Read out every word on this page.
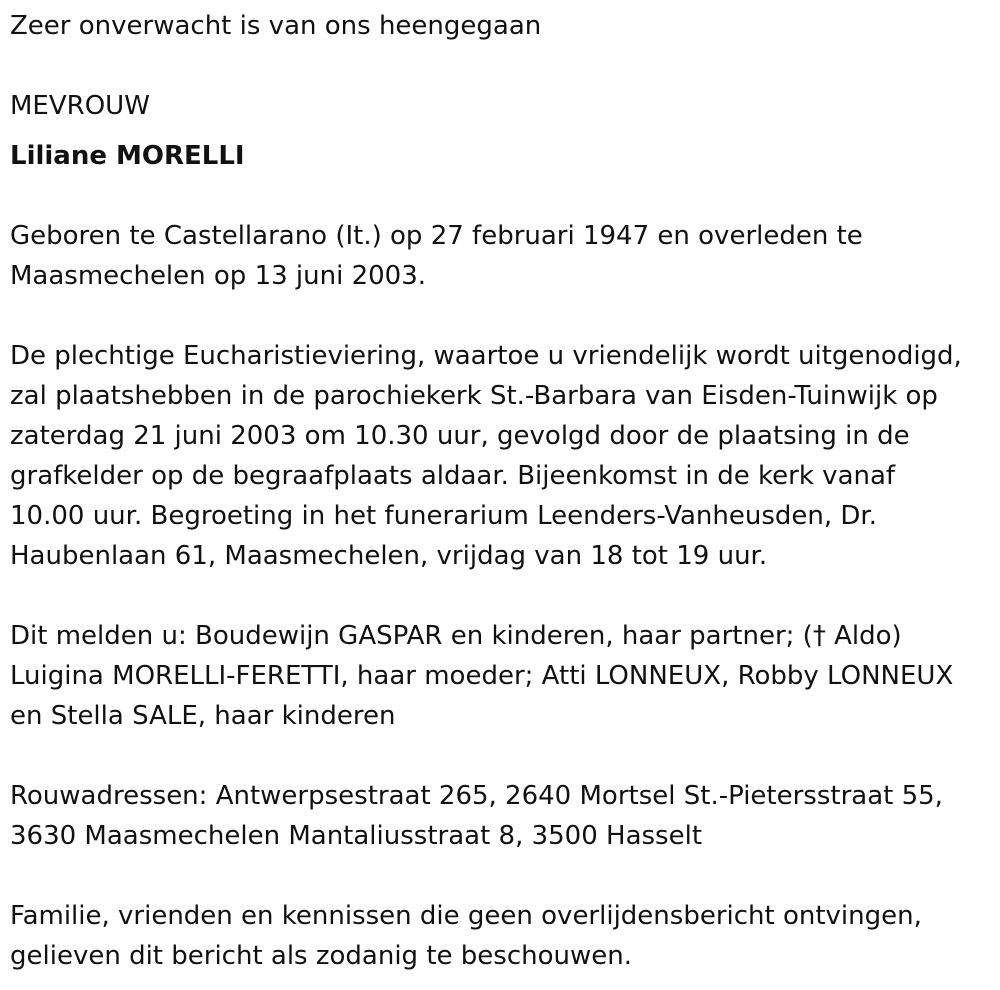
Zeer onverwacht is van ons heengegaan
MEVROUW
Liliane MORELLI
Geboren te Castellarano (It.) op 27 februari 1947 en overleden te
Maasmechelen op 13 juni 2003.
De plechtige Eucharistieviering, waartoe u vriendelijk wordt uitgenodigd,
zal plaatshebben in de parochiekerk St.-Barbara van Eisden-Tuinwijk op
zaterdag 21 juni 2003 om 10.30 uur, gevolgd door de plaatsing in de
grafkelder op de begraafplaats aldaar. Bijeenkomst in de kerk vanaf
10.00 uur. Begroeting in het funerarium Leenders-Vanheusden, Dr.
Haubenlaan 61, Maasmechelen, vrijdag van 18 tot 19 uur.
Dit melden u: Boudewijn GASPAR en kinderen, haar partner; († Aldo)
Luigina MORELLI-FERETTI, haar moeder; Atti LONNEUX, Robby LONNEUX
en Stella SALE, haar kinderen
Rouwadressen: Antwerpsestraat 265, 2640 Mortsel St.-Pietersstraat 55,
3630 Maasmechelen Mantaliusstraat 8, 3500 Hasselt
Familie, vrienden en kennissen die geen overlijdensbericht ontvingen,
gelieven dit bericht als zodanig te beschouwen.
